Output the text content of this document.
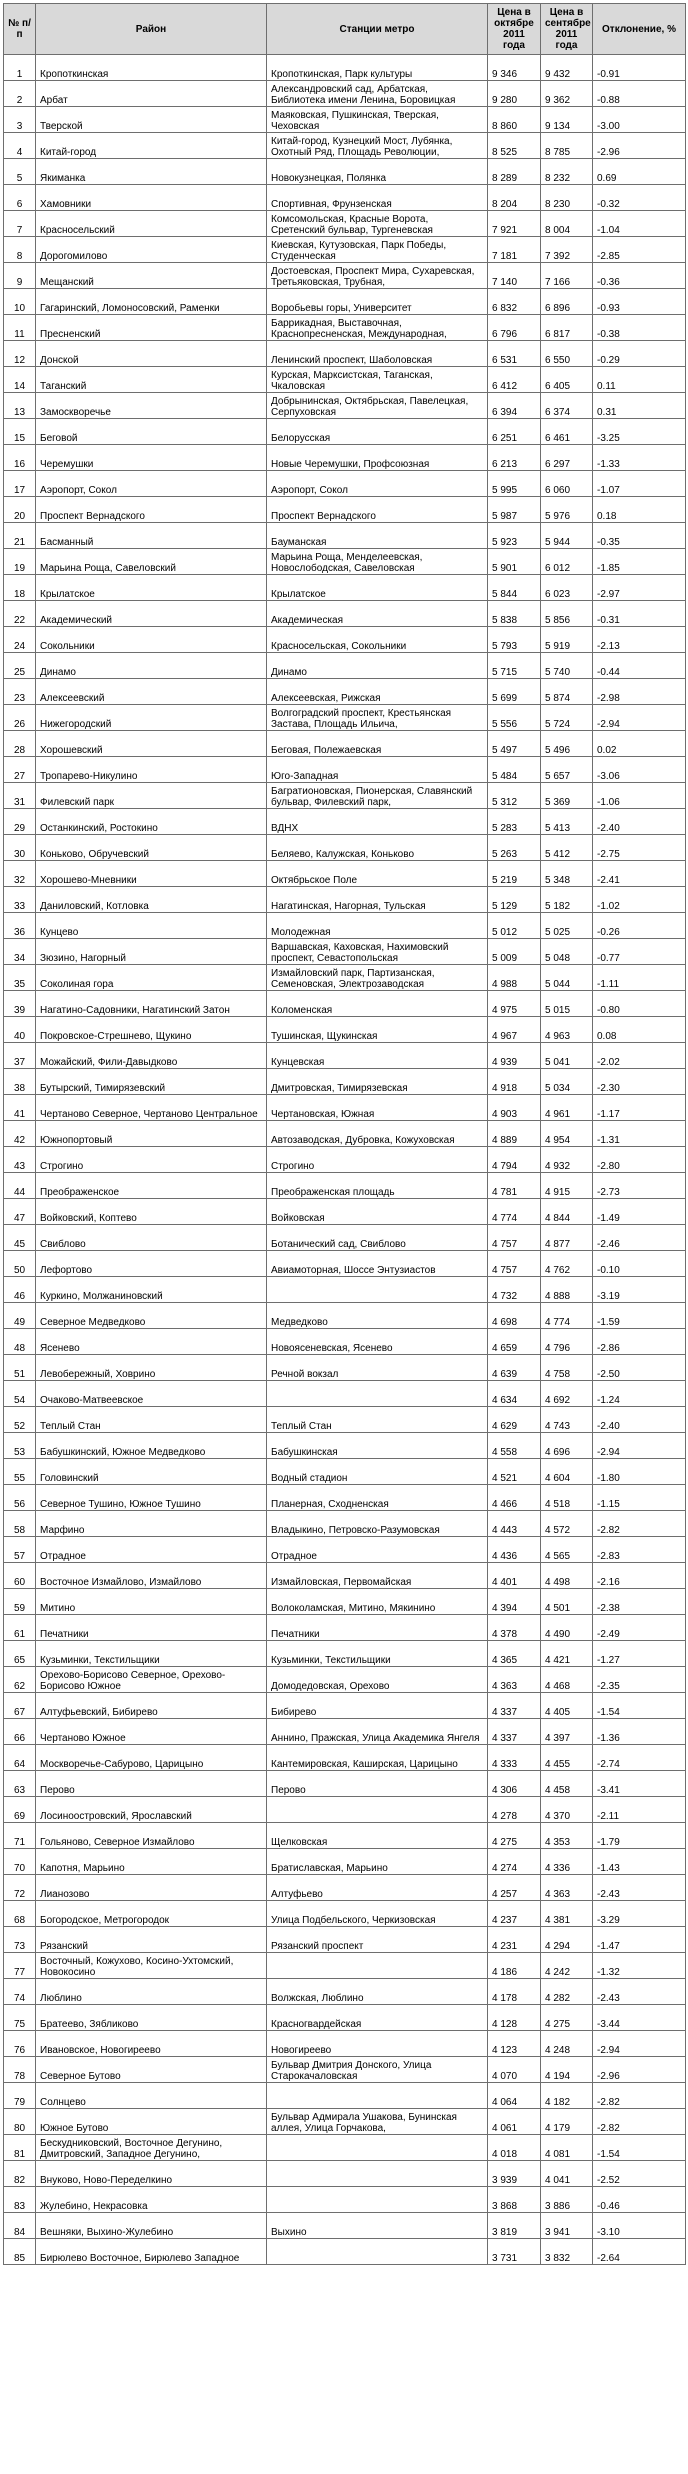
№ п/п	Район	Станции метро	Цена в октябре 2011 года	Цена в сентябре 2011 года	Отклонение, %
1	Кропоткинская	Кропоткинская, Парк культуры	9 346	9 432	-0.91
2	Арбат	Александровский сад, Арбатская, Библиотека имени Ленина, Боровицкая	9 280	9 362	-0.88
3	Тверской	Маяковская, Пушкинская, Тверская, Чеховская	8 860	9 134	-3.00
4	Китай-город	Китай-город, Кузнецкий Мост, Лубянка, Охотный Ряд, Площадь Революции,	8 525	8 785	-2.96
5	Якиманка	Новокузнецкая, Полянка	8 289	8 232	0.69
6	Хамовники	Спортивная, Фрунзенская	8 204	8 230	-0.32
7	Красносельский	Комсомольская, Красные Ворота, Сретенский бульвар, Тургеневская	7 921	8 004	-1.04
8	Дорогомилово	Киевская, Кутузовская, Парк Победы, Студенческая	7 181	7 392	-2.85
9	Мещанский	Достоевская, Проспект Мира, Сухаревская, Третьяковская, Трубная,	7 140	7 166	-0.36
10	Гагаринский, Ломоносовский, Раменки	Воробьевы горы, Университет	6 832	6 896	-0.93
11	Пресненский	Баррикадная, Выставочная, Краснопресненская, Международная,	6 796	6 817	-0.38
12	Донской	Ленинский проспект, Шаболовская	6 531	6 550	-0.29
14	Таганский	Курская, Марксистская, Таганская, Чкаловская	6 412	6 405	0.11
13	Замоскворечье	Добрынинская, Октябрьская, Павелецкая, Серпуховская	6 394	6 374	0.31
15	Беговой	Белорусская	6 251	6 461	-3.25
16	Черемушки	Новые Черемушки, Профсоюзная	6 213	6 297	-1.33
17	Аэропорт, Сокол	Аэропорт, Сокол	5 995	6 060	-1.07
20	Проспект Вернадского	Проспект Вернадского	5 987	5 976	0.18
21	Басманный	Бауманская	5 923	5 944	-0.35
19	Марьина Роща, Савеловский	Марьина Роща, Менделеевская, Новослободская, Савеловская	5 901	6 012	-1.85
18	Крылатское	Крылатское	5 844	6 023	-2.97
22	Академический	Академическая	5 838	5 856	-0.31
24	Сокольники	Красносельская, Сокольники	5 793	5 919	-2.13
25	Динамо	Динамо	5 715	5 740	-0.44
23	Алексеевский	Алексеевская, Рижская	5 699	5 874	-2.98
26	Нижегородский	Волгоградский проспект, Крестьянская Застава, Площадь Ильича,	5 556	5 724	-2.94
28	Хорошевский	Беговая, Полежаевская	5 497	5 496	0.02
27	Тропарево-Никулино	Юго-Западная	5 484	5 657	-3.06
31	Филевский парк	Багратионовская, Пионерская, Славянский бульвар, Филевский парк,	5 312	5 369	-1.06
29	Останкинский, Ростокино	ВДНХ	5 283	5 413	-2.40
30	Коньково, Обручевский	Беляево, Калужская, Коньково	5 263	5 412	-2.75
32	Хорошево-Мневники	Октябрьское Поле	5 219	5 348	-2.41
33	Даниловский, Котловка	Нагатинская, Нагорная, Тульская	5 129	5 182	-1.02
36	Кунцево	Молодежная	5 012	5 025	-0.26
34	Зюзино, Нагорный	Варшавская, Каховская, Нахимовский проспект, Севастопольская	5 009	5 048	-0.77
35	Соколиная гора	Измайловский парк, Партизанская, Семеновская, Электрозаводская	4 988	5 044	-1.11
39	Нагатино-Садовники, Нагатинский Затон	Коломенская	4 975	5 015	-0.80
40	Покровское-Стрешнево, Щукино	Тушинская, Щукинская	4 967	4 963	0.08
37	Можайский, Фили-Давыдково	Кунцевская	4 939	5 041	-2.02
38	Бутырский, Тимирязевский	Дмитровская, Тимирязевская	4 918	5 034	-2.30
41	Чертаново Северное, Чертаново Центральное	Чертановская, Южная	4 903	4 961	-1.17
42	Южнопортовый	Автозаводская, Дубровка, Кожуховская	4 889	4 954	-1.31
43	Строгино	Строгино	4 794	4 932	-2.80
44	Преображенское	Преображенская площадь	4 781	4 915	-2.73
47	Войковский, Коптево	Войковская	4 774	4 844	-1.49
45	Свиблово	Ботанический сад, Свиблово	4 757	4 877	-2.46
50	Лефортово	Авиамоторная, Шоссе Энтузиастов	4 757	4 762	-0.10
46	Куркино, Молжаниновский		4 732	4 888	-3.19
49	Северное Медведково	Медведково	4 698	4 774	-1.59
48	Ясенево	Новоясеневская, Ясенево	4 659	4 796	-2.86
51	Левобережный, Ховрино	Речной вокзал	4 639	4 758	-2.50
54	Очаково-Матвеевское		4 634	4 692	-1.24
52	Теплый Стан	Теплый Стан	4 629	4 743	-2.40
53	Бабушкинский, Южное Медведково	Бабушкинская	4 558	4 696	-2.94
55	Головинский	Водный стадион	4 521	4 604	-1.80
56	Северное Тушино, Южное Тушино	Планерная, Сходненская	4 466	4 518	-1.15
58	Марфино	Владыкино, Петровско-Разумовская	4 443	4 572	-2.82
57	Отрадное	Отрадное	4 436	4 565	-2.83
60	Восточное Измайлово, Измайлово	Измайловская, Первомайская	4 401	4 498	-2.16
59	Митино	Волоколамская, Митино, Мякинино	4 394	4 501	-2.38
61	Печатники	Печатники	4 378	4 490	-2.49
65	Кузьминки, Текстильщики	Кузьминки, Текстильщики	4 365	4 421	-1.27
62	Орехово-Борисово Северное, Орехово-Борисово Южное	Домодедовская, Орехово	4 363	4 468	-2.35
67	Алтуфьевский, Бибирево	Бибирево	4 337	4 405	-1.54
66	Чертаново Южное	Аннино, Пражская, Улица Академика Янгеля	4 337	4 397	-1.36
64	Москворечье-Сабурово, Царицыно	Кантемировская, Каширская, Царицыно	4 333	4 455	-2.74
63	Перово	Перово	4 306	4 458	-3.41
69	Лосиноостровский, Ярославский		4 278	4 370	-2.11
71	Гольяново, Северное Измайлово	Щелковская	4 275	4 353	-1.79
70	Капотня, Марьино	Братиславская, Марьино	4 274	4 336	-1.43
72	Лианозово	Алтуфьево	4 257	4 363	-2.43
68	Богородское, Метрогородок	Улица Подбельского, Черкизовская	4 237	4 381	-3.29
73	Рязанский	Рязанский проспект	4 231	4 294	-1.47
77	Восточный, Кожухово, Косино-Ухтомский, Новокосино		4 186	4 242	-1.32
74	Люблино	Волжская, Люблино	4 178	4 282	-2.43
75	Братеево, Зябликово	Красногвардейская	4 128	4 275	-3.44
76	Ивановское, Новогиреево	Новогиреево	4 123	4 248	-2.94
78	Северное Бутово	Бульвар Дмитрия Донского, Улица Старокачаловская	4 070	4 194	-2.96
79	Солнцево		4 064	4 182	-2.82
80	Южное Бутово	Бульвар Адмирала Ушакова, Бунинская аллея, Улица Горчакова,	4 061	4 179	-2.82
81	Бескудниковский, Восточное Дегунино, Дмитровский, Западное Дегунино,		4 018	4 081	-1.54
82	Внуково, Ново-Переделкино		3 939	4 041	-2.52
83	Жулебино, Некрасовка		3 868	3 886	-0.46
84	Вешняки, Выхино-Жулебино	Выхино	3 819	3 941	-3.10
85	Бирюлево Восточное, Бирюлево Западное		3 731	3 832	-2.64
